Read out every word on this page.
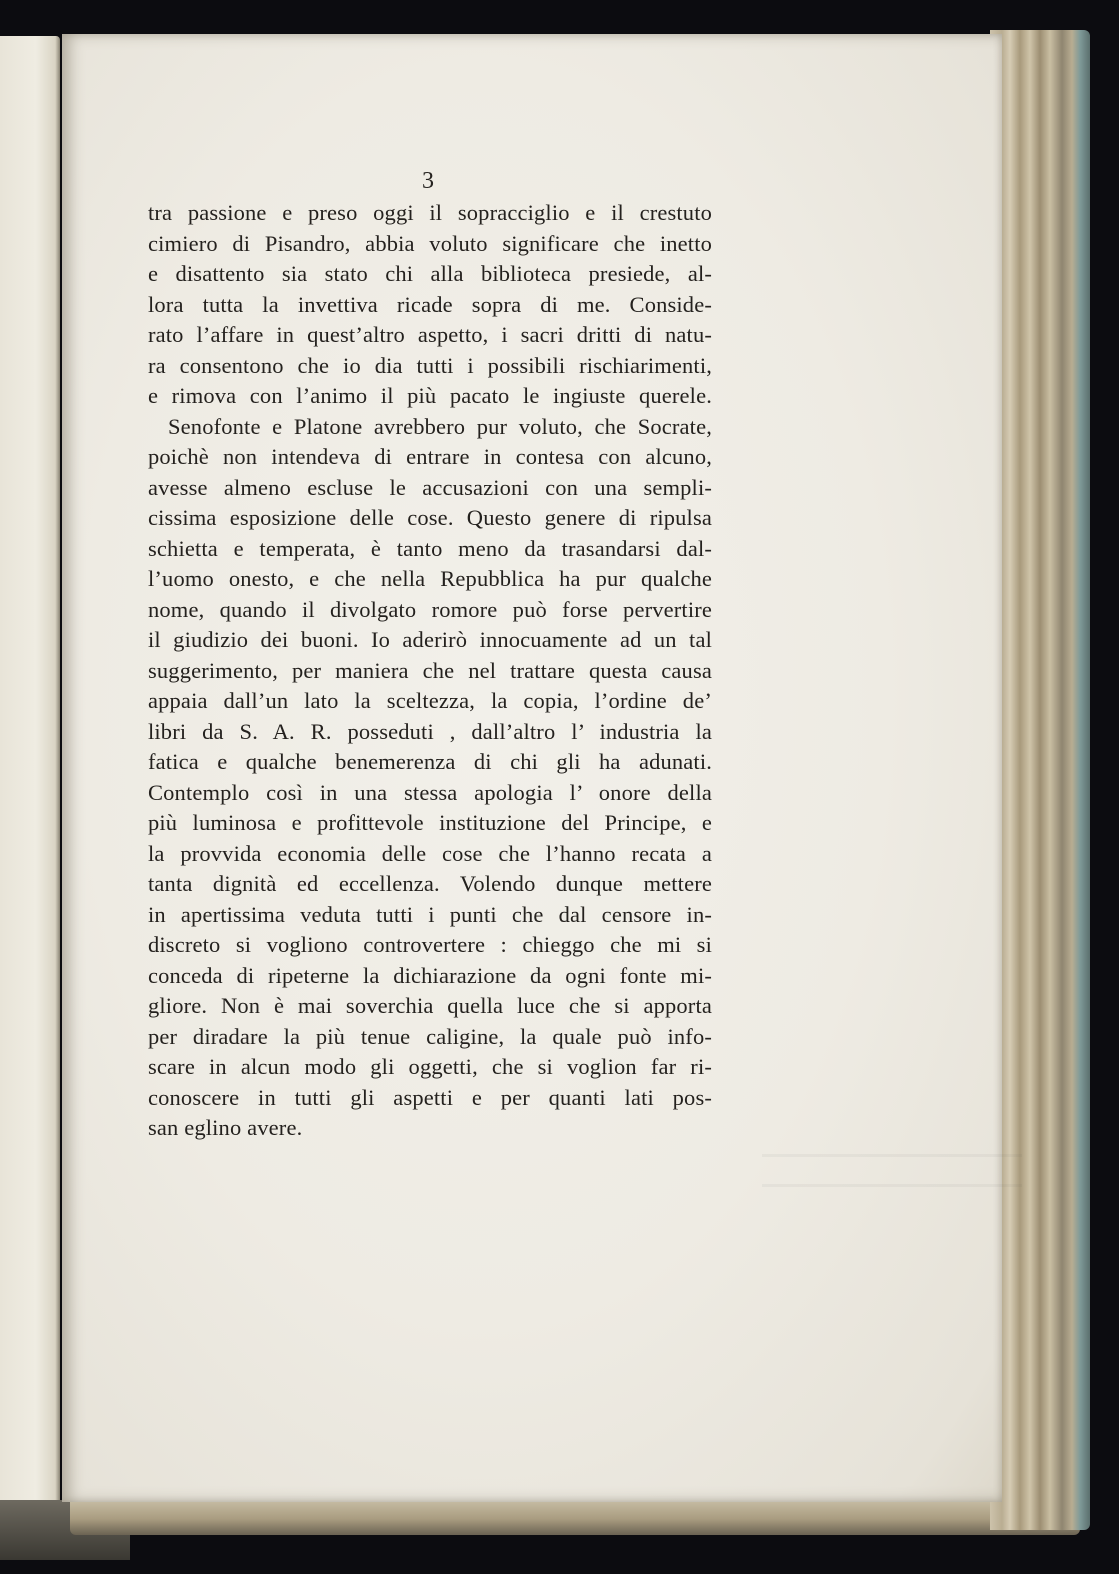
3
tra passione e preso oggi il sopracciglio e il crestuto
cimiero di Pisandro, abbia voluto significare che inetto
e disattento sia stato chi alla biblioteca presiede, al-
lora tutta la invettiva ricade sopra di me. Conside-
rato l’affare in quest’altro aspetto, i sacri dritti di natu-
ra consentono che io dia tutti i possibili rischiarimenti,
e rimova con l’animo il più pacato le ingiuste querele.
Senofonte e Platone avrebbero pur voluto, che Socrate,
poichè non intendeva di entrare in contesa con alcuno,
avesse almeno escluse le accusazioni con una sempli-
cissima esposizione delle cose. Questo genere di ripulsa
schietta e temperata, è tanto meno da trasandarsi dal-
l’uomo onesto, e che nella Repubblica ha pur qualche
nome, quando il divolgato romore può forse pervertire
il giudizio dei buoni. Io aderirò innocuamente ad un tal
suggerimento, per maniera che nel trattare questa causa
appaia dall’un lato la sceltezza, la copia, l’ordine de’
libri da S. A. R. posseduti , dall’altro l’ industria la
fatica e qualche benemerenza di chi gli ha adunati.
Contemplo così in una stessa apologia l’ onore della
più luminosa e profittevole instituzione del Principe, e
la provvida economia delle cose che l’hanno recata a
tanta dignità ed eccellenza. Volendo dunque mettere
in apertissima veduta tutti i punti che dal censore in-
discreto si vogliono controvertere : chieggo che mi si
conceda di ripeterne la dichiarazione da ogni fonte mi-
gliore. Non è mai soverchia quella luce che si apporta
per diradare la più tenue caligine, la quale può info-
scare in alcun modo gli oggetti, che si voglion far ri-
conoscere in tutti gli aspetti e per quanti lati pos-
san eglino avere.
